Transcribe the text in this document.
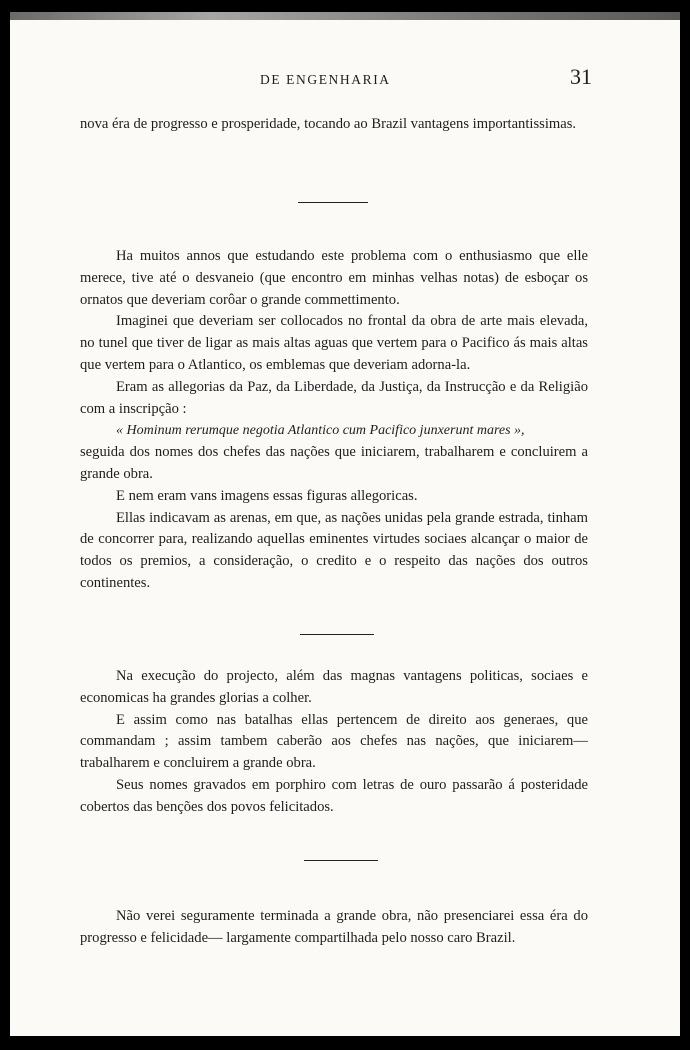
DE ENGENHARIA	31

nova éra de progresso e prosperidade, tocando ao Brazil vantagens importantissimas.

Ha muitos annos que estudando este problema com o enthusiasmo que elle merece, tive até o desvaneio (que encontro em minhas velhas notas) de esboçar os ornatos que deveriam corôar o grande commettimento.

Imaginei que deveriam ser collocados no frontal da obra de arte mais elevada, no tunel que tiver de ligar as mais altas aguas que vertem para o Pacifico ás mais altas que vertem para o Atlantico, os emblemas que deveriam adorna-la.

Eram as allegorias da Paz, da Liberdade, da Justiça, da Instrucção e da Religião com a inscripção :

« Hominum rerumque negotia Atlantico cum Pacifico junxerunt mares »,

seguida dos nomes dos chefes das nações que iniciarem, trabalharem e concluirem a grande obra.

E nem eram vans imagens essas figuras allegoricas.

Ellas indicavam as arenas, em que, as nações unidas pela grande estrada, tinham de concorrer para, realizando aquellas eminentes virtudes sociaes alcançar o maior de todos os premios, a consideração, o credito e o respeito das nações dos outros continentes.

Na execução do projecto, além das magnas vantagens politicas, sociaes e economicas ha grandes glorias a colher.

E assim como nas batalhas ellas pertencem de direito aos generaes, que commandam ; assim tambem caberão aos chefes nas nações, que iniciarem— trabalharem e concluirem a grande obra.

Seus nomes gravados em porphiro com letras de ouro passarão á posteridade cobertos das benções dos povos felicitados.

Não verei seguramente terminada a grande obra, não presenciarei essa éra do progresso e felicidade— largamente compartilhada pelo nosso caro Brazil.
